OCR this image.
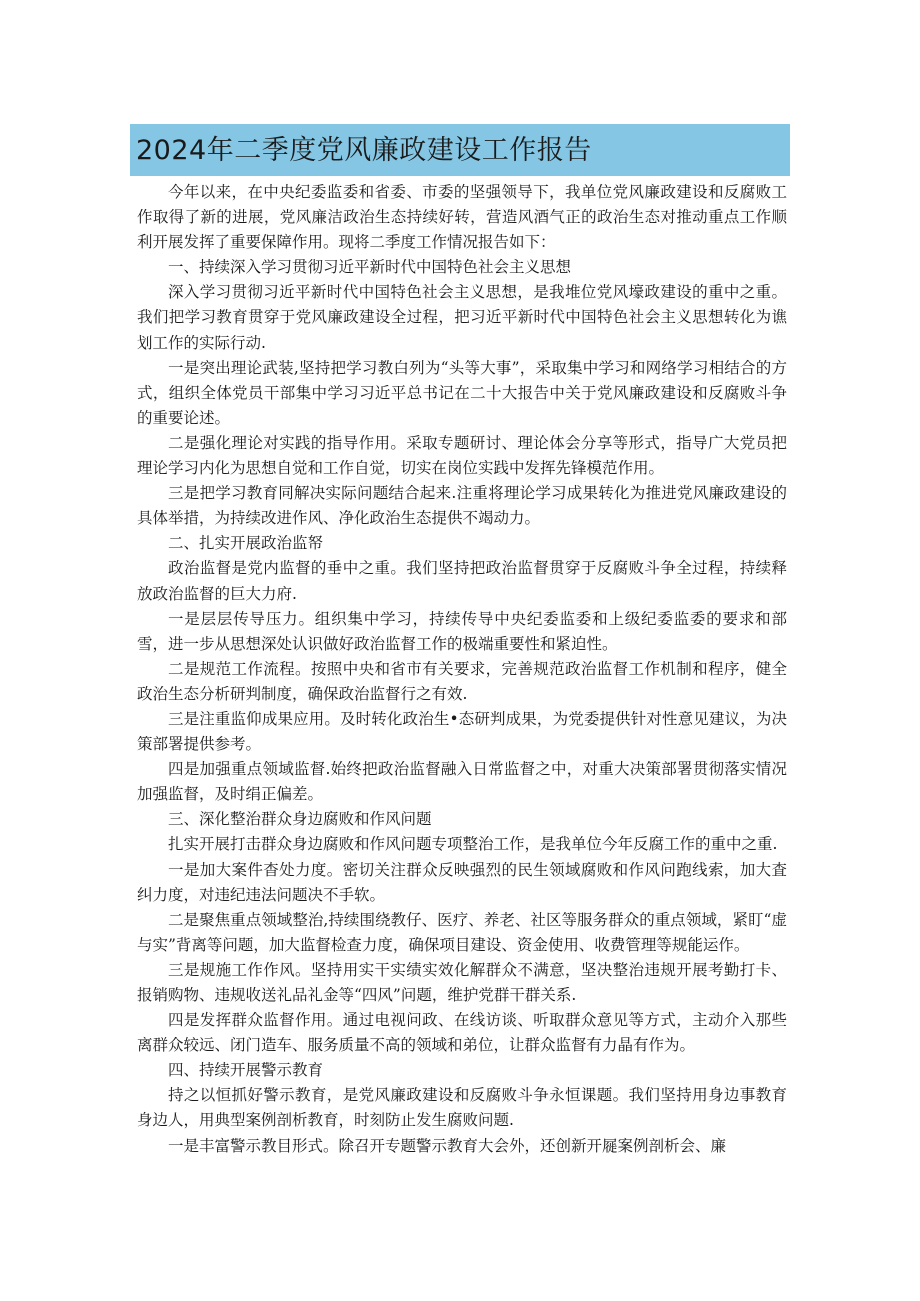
2024年二季度党风廉政建设工作报告

今年以来，在中央纪委监委和省委、市委的坚强领导下，我单位党风廉政建设和反腐败工作取得了新的进展，党风廉洁政治生态持续好转，营造风酒气正的政治生态对推动重点工作顺利开展发挥了重要保障作用。现将二季度工作情况报告如下：

一、持续深入学习贯彻习近平新时代中国特色社会主义思想

深入学习贯彻习近平新时代中国特色社会主义思想，是我堆位党风壕政建设的重中之重。我们把学习教育贯穿于党风廉政建设全过程，把习近平新时代中国特色社会主义思想转化为谯划工作的实际行动.

一是突出理论武装,坚持把学习教白列为“头等大事”，采取集中学习和网络学习相结合的方式，组织全体党员干部集中学习习近平总书记在二十大报告中关于党风廉政建设和反腐败斗争的重要论述。

二是强化理论对实践的指导作用。采取专题研讨、理论体会分享等形式，指导广大党员把理论学习内化为思想自觉和工作自觉，切实在岗位实践中发挥先锋模范作用。

三是把学习教育同解决实际问题结合起来.注重将理论学习成果转化为推进党风廉政建设的具体举措，为持续改进作风、净化政治生态提供不竭动力。

二、扎实开展政治监帑

政治监督是党内监督的垂中之重。我们坚持把政治监督贯穿于反腐败斗争全过程，持续释放政治监督的巨大力府.

一是层层传导压力。组织集中学习，持续传导中央纪委监委和上级纪委监委的要求和部雪，进一步从思想深处认识做好政治监督工作的极端重要性和紧迫性。

二是规范工作流程。按照中央和省市有关要求，完善规范政治监督工作机制和程序，健全政治生态分析研判制度，确保政治监督行之有效.

三是注重监仰成果应用。及时转化政治生•态研判成果，为党委提供针对性意见建议，为决策部署提供参考。

四是加强重点领域监督.始终把政治监督融入日常监督之中，对重大决策部署贯彻落实情况加强监督，及时绢正偏差。

三、深化整治群众身边腐败和作风问题

扎实开展打击群众身边腐败和作风问题专项整治工作，是我单位今年反腐工作的重中之重.

一是加大案件杳处力度。密切关注群众反映强烈的民生领域腐败和作风问跑线索，加大査纠力度，对违纪违法问题决不手软。

二是聚焦重点领域整治,持续围绕教仔、医疗、养老、社区等服务群众的重点领域，紧盯“虚与实”背离等问题，加大监督检查力度，确保项目建设、资金使用、收费管理等规能运作。

三是规施工作作风。坚持用实干实绩实效化解群众不满意，坚决整治违规开展考勤打卡、报销购物、违规收送礼品礼金等“四风”问题，维护党群干群关系.

四是发挥群众监督作用。通过电视问政、在线访谈、听取群众意见等方式，主动介入那些离群众较远、闭门造车、服务质量不高的领域和弟位，让群众监督有力晶有作为。

四、持续开展警示教育

持之以恒抓好警示教育，是党风廉政建设和反腐败斗争永恒课题。我们坚持用身边事教育身边人，用典型案例剖析教育，时刻防止发生腐败问题.

一是丰富警示教目形式。除召开专题警示教育大会外，还创新开屣案例剖析会、廉
